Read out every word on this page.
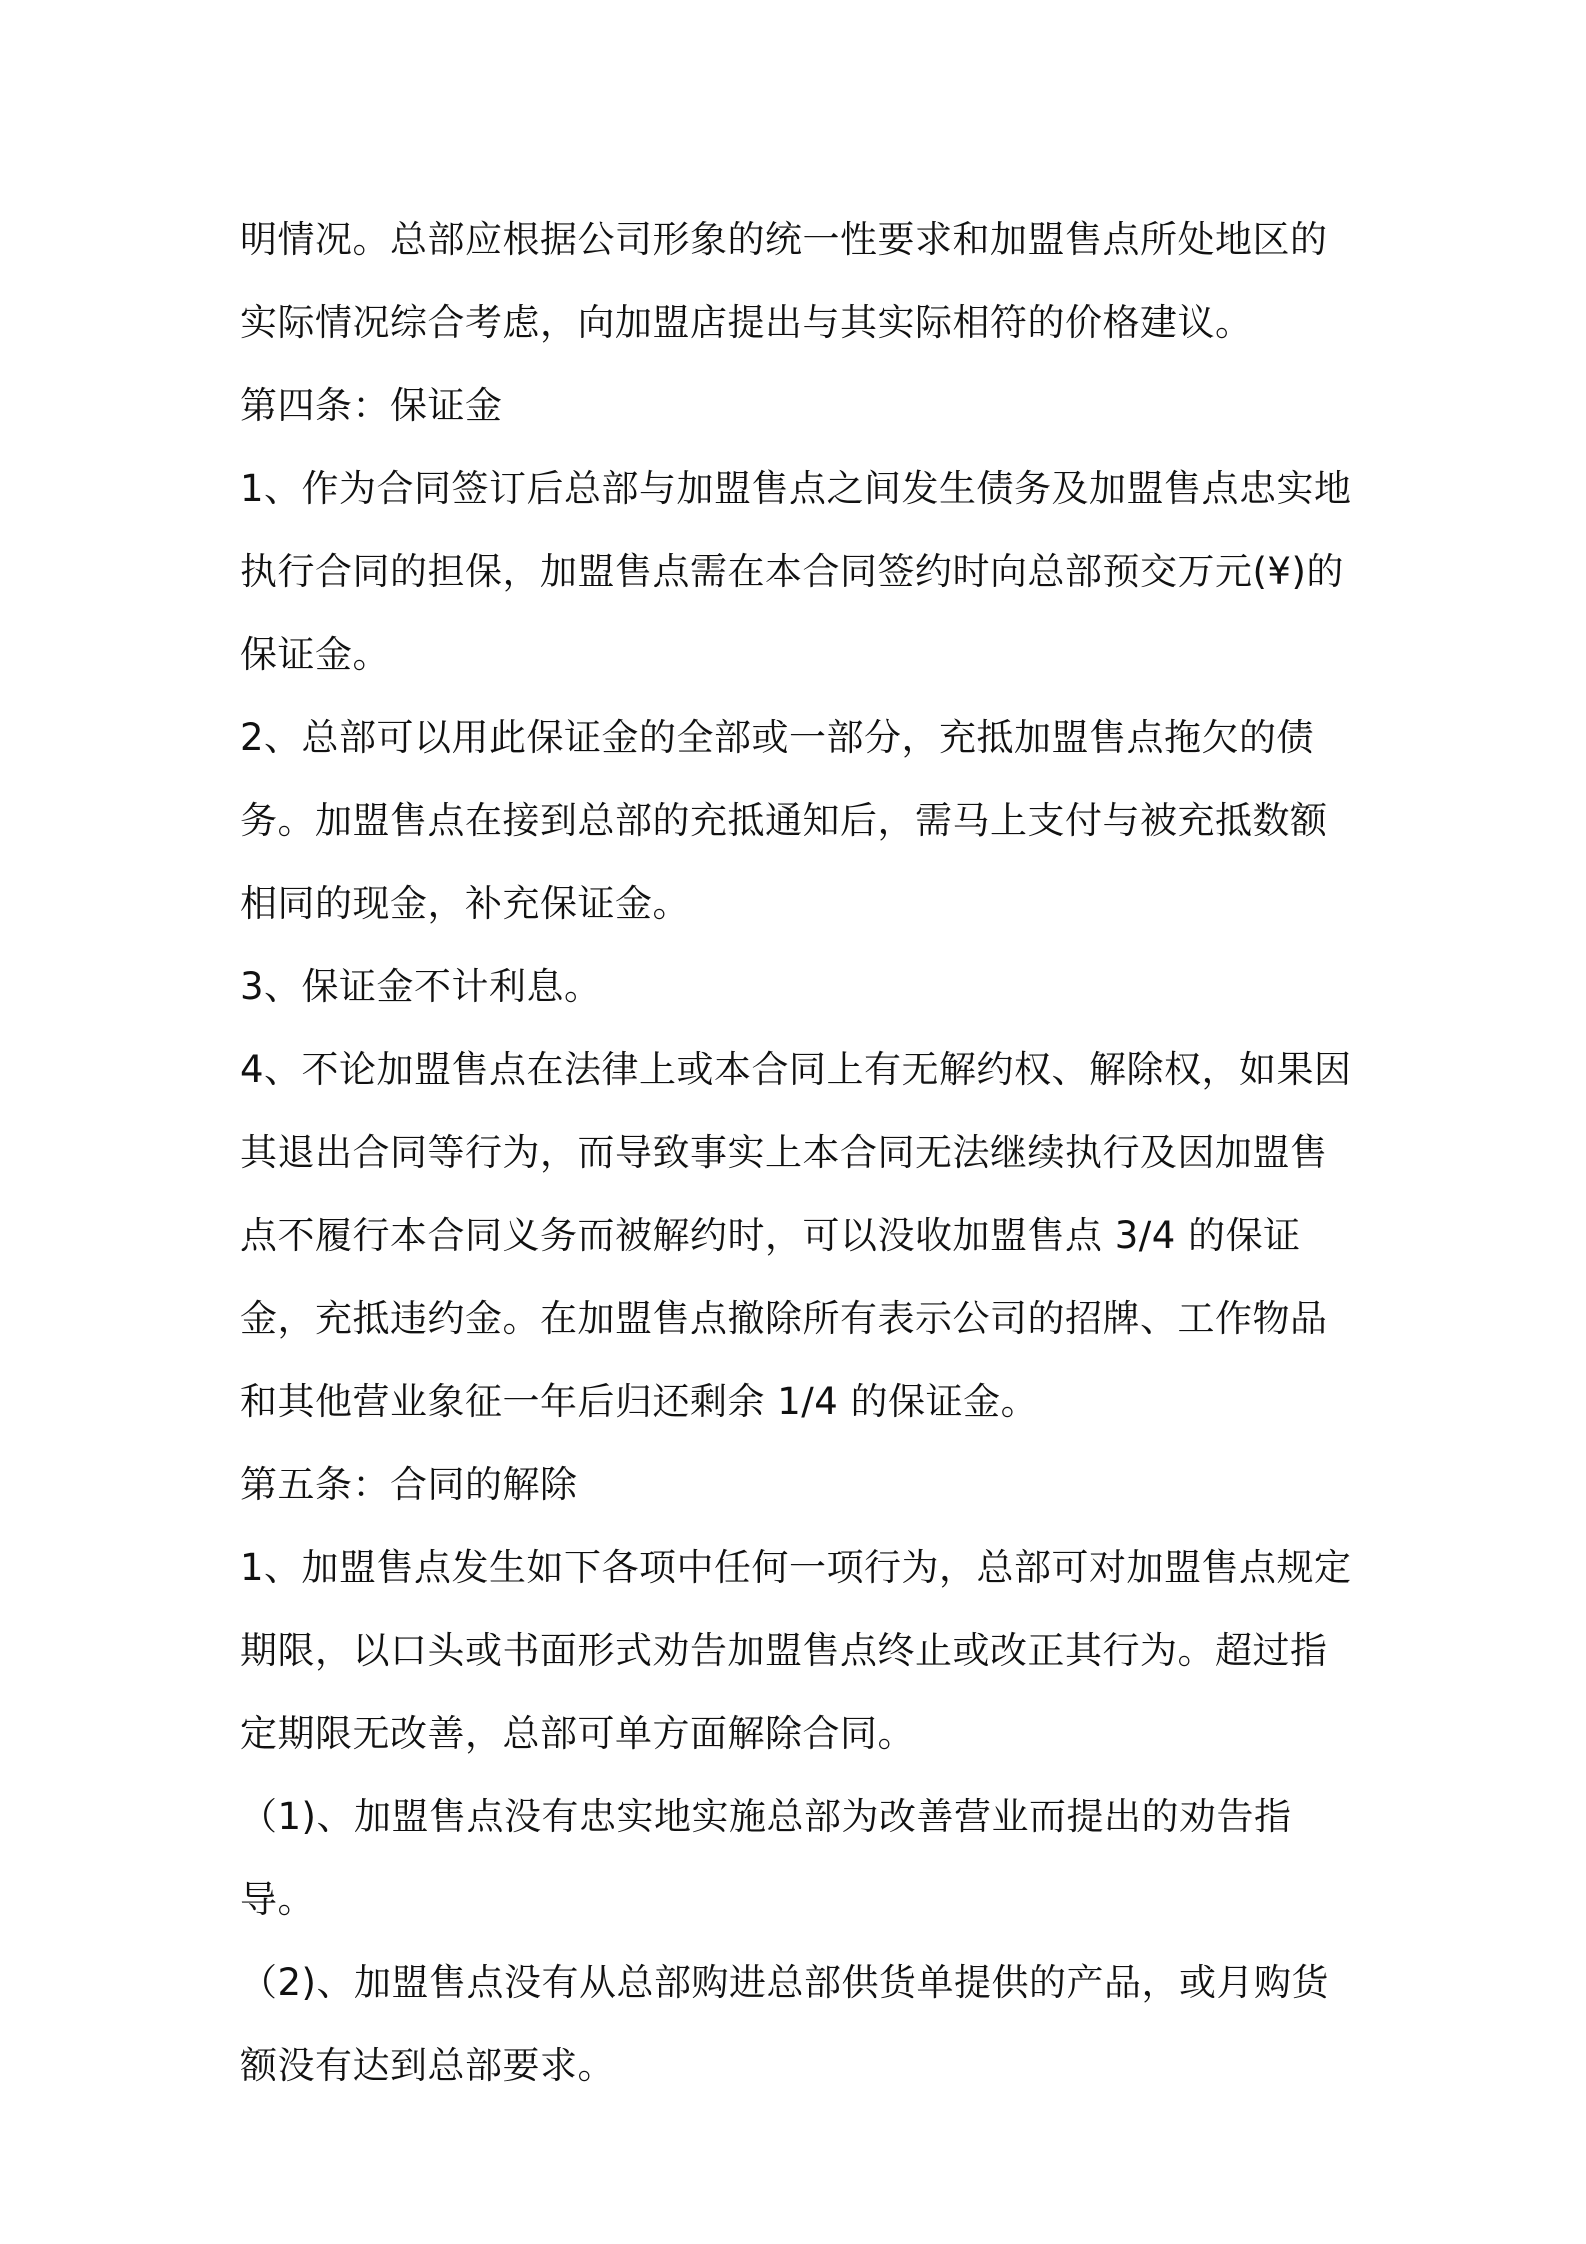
明情况。总部应根据公司形象的统一性要求和加盟售点所处地区的实际情况综合考虑，向加盟店提出与其实际相符的价格建议。

第四条：保证金

1、作为合同签订后总部与加盟售点之间发生债务及加盟售点忠实地执行合同的担保，加盟售点需在本合同签约时向总部预交万元(¥)的保证金。

2、总部可以用此保证金的全部或一部分，充抵加盟售点拖欠的债务。加盟售点在接到总部的充抵通知后，需马上支付与被充抵数额相同的现金，补充保证金。

3、保证金不计利息。

4、不论加盟售点在法律上或本合同上有无解约权、解除权，如果因其退出合同等行为，而导致事实上本合同无法继续执行及因加盟售点不履行本合同义务而被解约时，可以没收加盟售点 3/4 的保证金，充抵违约金。在加盟售点撤除所有表示公司的招牌、工作物品和其他营业象征一年后归还剩余 1/4 的保证金。

第五条：合同的解除

1、加盟售点发生如下各项中任何一项行为，总部可对加盟售点规定期限，以口头或书面形式劝告加盟售点终止或改正其行为。超过指定期限无改善，总部可单方面解除合同。

（1)、加盟售点没有忠实地实施总部为改善营业而提出的劝告指导。

（2)、加盟售点没有从总部购进总部供货单提供的产品，或月购货额没有达到总部要求。
